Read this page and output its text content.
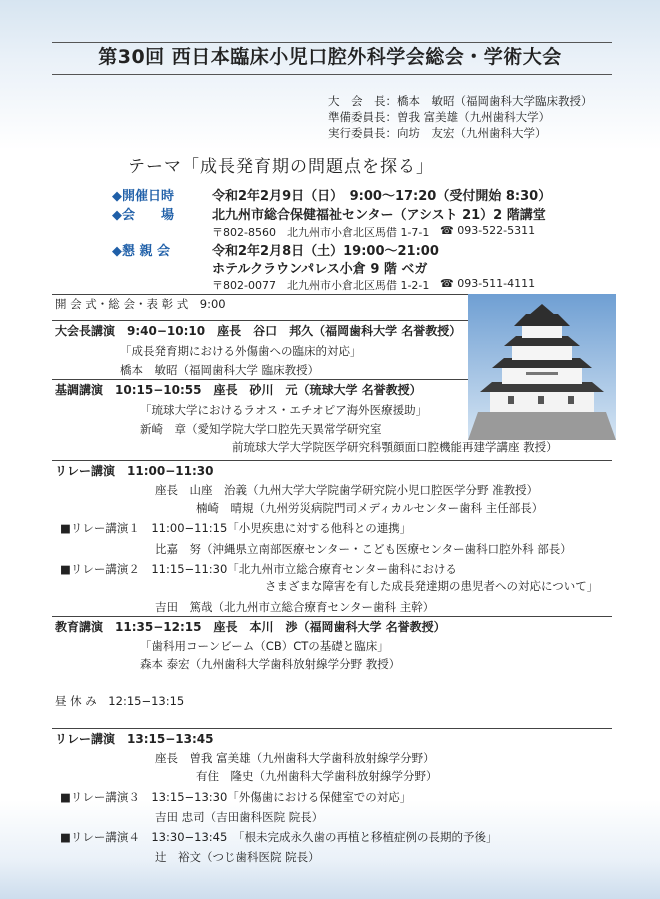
第30回 西日本臨床小児口腔外科学会総会・学術大会
大　会　長：橋本　敏昭（福岡歯科大学臨床教授）
準備委員長：曽我 富美雄（九州歯科大学）
実行委員長：向坊　友宏（九州歯科大学）
テーマ「成長発育期の問題点を探る」
◆開催日時	令和2年2月9日（日）　9:00〜17:20（受付開始 8:30）
◆会　　場	北九州市総合保健福祉センター（アシスト 21）2 階講堂
〒802-8560　北九州市小倉北区馬借 1-7-1 ☎ 093-522-5311
◆懇 親 会	令和2年2月8日（土）19:00〜21:00
ホテルクラウンパレス小倉 9 階 ベガ
〒802-0077　北九州市小倉北区馬借 1-2-1 ☎ 093-511-4111
開 会 式・総 会・表 彰 式　9:00
大会長講演　9:40−10:10　座長　谷口　邦久（福岡歯科大学 名誉教授）
「成長発育期における外傷歯への臨床的対応」
橋本　敏昭（福岡歯科大学 臨床教授）
基調講演　10:15−10:55　座長　砂川　元（琉球大学 名誉教授）
「琉球大学におけるラオス・エチオピア海外医療援助」
新崎　章（愛知学院大学口腔先天異常学研究室
前琉球大学大学院医学研究科顎顔面口腔機能再建学講座 教授）
リレー講演　11:00−11:30
座長　山座　治義（九州大学大学院歯学研究院小児口腔医学分野 准教授）
楠崎　晴規（九州労災病院門司メディカルセンター歯科 主任部長）
■リレー講演１　11:00−11:15「小児疾患に対する他科との連携」
比嘉　努（沖縄県立南部医療センター・こども医療センター歯科口腔外科 部長）
■リレー講演２　11:15−11:30「北九州市立総合療育センター歯科における
さまざまな障害を有した成長発達期の患児者への対応について」
吉田　篤哉（北九州市立総合療育センター歯科 主幹）
教育講演　11:35−12:15　座長　本川　渉（福岡歯科大学 名誉教授）
「歯科用コーンビーム（CB）CTの基礎と臨床」
森本 泰宏（九州歯科大学歯科放射線学分野 教授）
昼 休 み　12:15−13:15
リレー講演　13:15−13:45
座長　曽我 富美雄（九州歯科大学歯科放射線学分野）
有住　隆史（九州歯科大学歯科放射線学分野）
■リレー講演３　13:15−13:30「外傷歯における保健室での対応」
吉田 忠司（吉田歯科医院 院長）
■リレー講演４　13:30−13:45　「根未完成永久歯の再植と移植症例の長期的予後」
辻　裕文（つじ歯科医院 院長）
